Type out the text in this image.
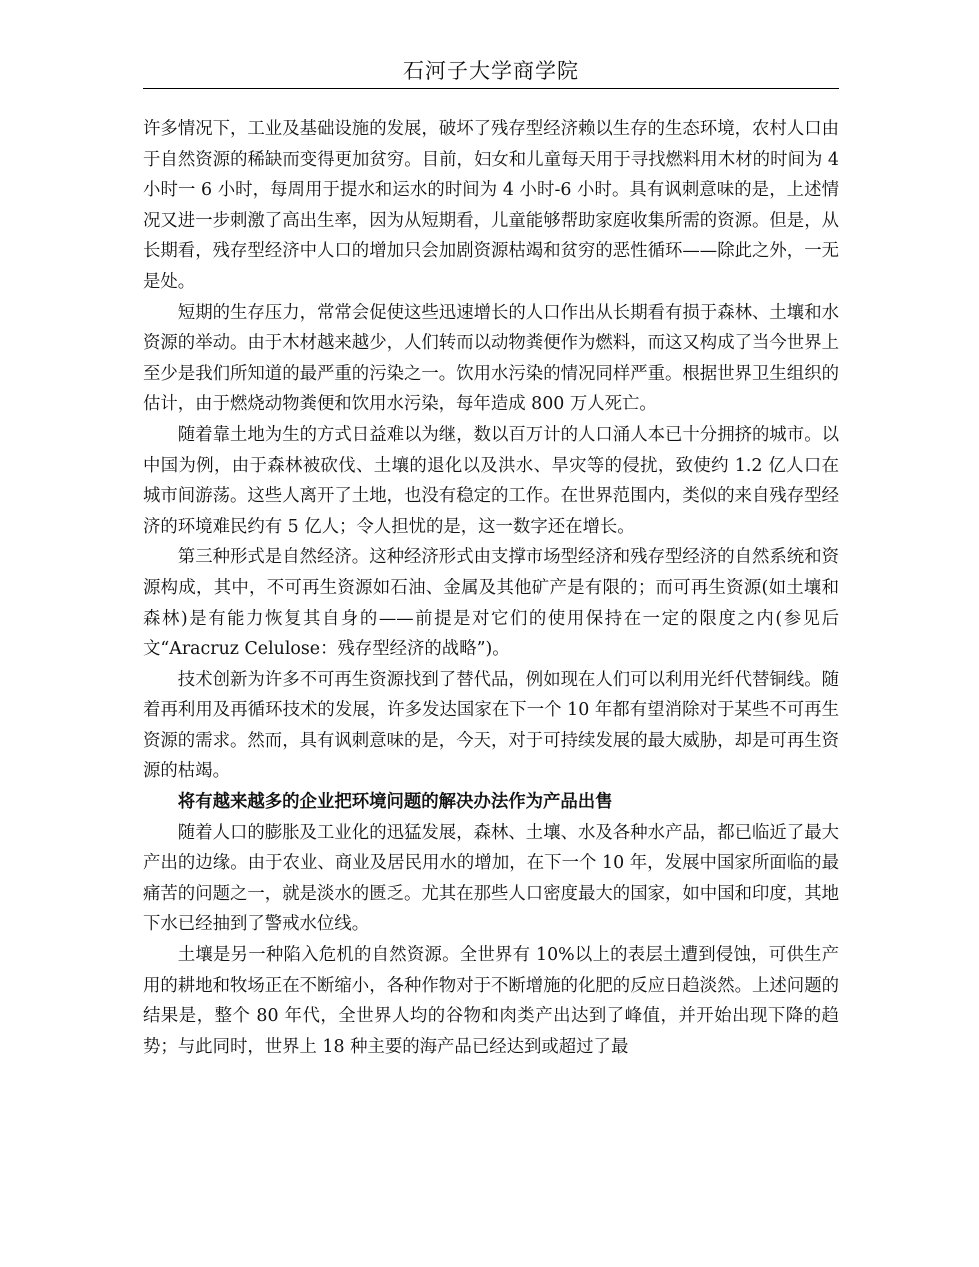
石河子大学商学院

许多情况下，工业及基础设施的发展，破坏了残存型经济赖以生存的生态环境，农村人口由于自然资源的稀缺而变得更加贫穷。目前，妇女和儿童每天用于寻找燃料用木材的时间为 4 小时一 6 小时，每周用于提水和运水的时间为 4 小时-6 小时。具有讽刺意味的是，上述情况又进一步刺激了高出生率，因为从短期看，儿童能够帮助家庭收集所需的资源。但是，从长期看，残存型经济中人口的增加只会加剧资源枯竭和贫穷的恶性循环——除此之外，一无是处。

短期的生存压力，常常会促使这些迅速增长的人口作出从长期看有损于森林、土壤和水资源的举动。由于木材越来越少，人们转而以动物粪便作为燃料，而这又构成了当今世界上至少是我们所知道的最严重的污染之一。饮用水污染的情况同样严重。根据世界卫生组织的估计，由于燃烧动物粪便和饮用水污染，每年造成 800 万人死亡。

随着靠土地为生的方式日益难以为继，数以百万计的人口涌人本已十分拥挤的城市。以中国为例，由于森林被砍伐、土壤的退化以及洪水、旱灾等的侵扰，致使约 1.2 亿人口在城市间游荡。这些人离开了土地，也没有稳定的工作。在世界范围内，类似的来自残存型经济的环境难民约有 5 亿人；令人担忧的是，这一数字还在增长。

第三种形式是自然经济。这种经济形式由支撑市场型经济和残存型经济的自然系统和资源构成，其中，不可再生资源如石油、金属及其他矿产是有限的；而可再生资源(如土壤和森林)是有能力恢复其自身的——前提是对它们的使用保持在一定的限度之内(参见后文“Aracruz Celulose：残存型经济的战略”)。

技术创新为许多不可再生资源找到了替代品，例如现在人们可以利用光纤代替铜线。随着再利用及再循环技术的发展，许多发达国家在下一个 10 年都有望消除对于某些不可再生资源的需求。然而，具有讽刺意味的是，今天，对于可持续发展的最大威胁，却是可再生资源的枯竭。

将有越来越多的企业把环境问题的解决办法作为产品出售

随着人口的膨胀及工业化的迅猛发展，森林、土壤、水及各种水产品，都已临近了最大产出的边缘。由于农业、商业及居民用水的增加，在下一个 10 年，发展中国家所面临的最痛苦的问题之一，就是淡水的匮乏。尤其在那些人口密度最大的国家，如中国和印度，其地下水已经抽到了警戒水位线。

土壤是另一种陷入危机的自然资源。全世界有 10%以上的表层土遭到侵蚀，可供生产用的耕地和牧场正在不断缩小，各种作物对于不断增施的化肥的反应日趋淡然。上述问题的结果是，整个 80 年代，全世界人均的谷物和肉类产出达到了峰值，并开始出现下降的趋势；与此同时，世界上 18 种主要的海产品已经达到或超过了最
